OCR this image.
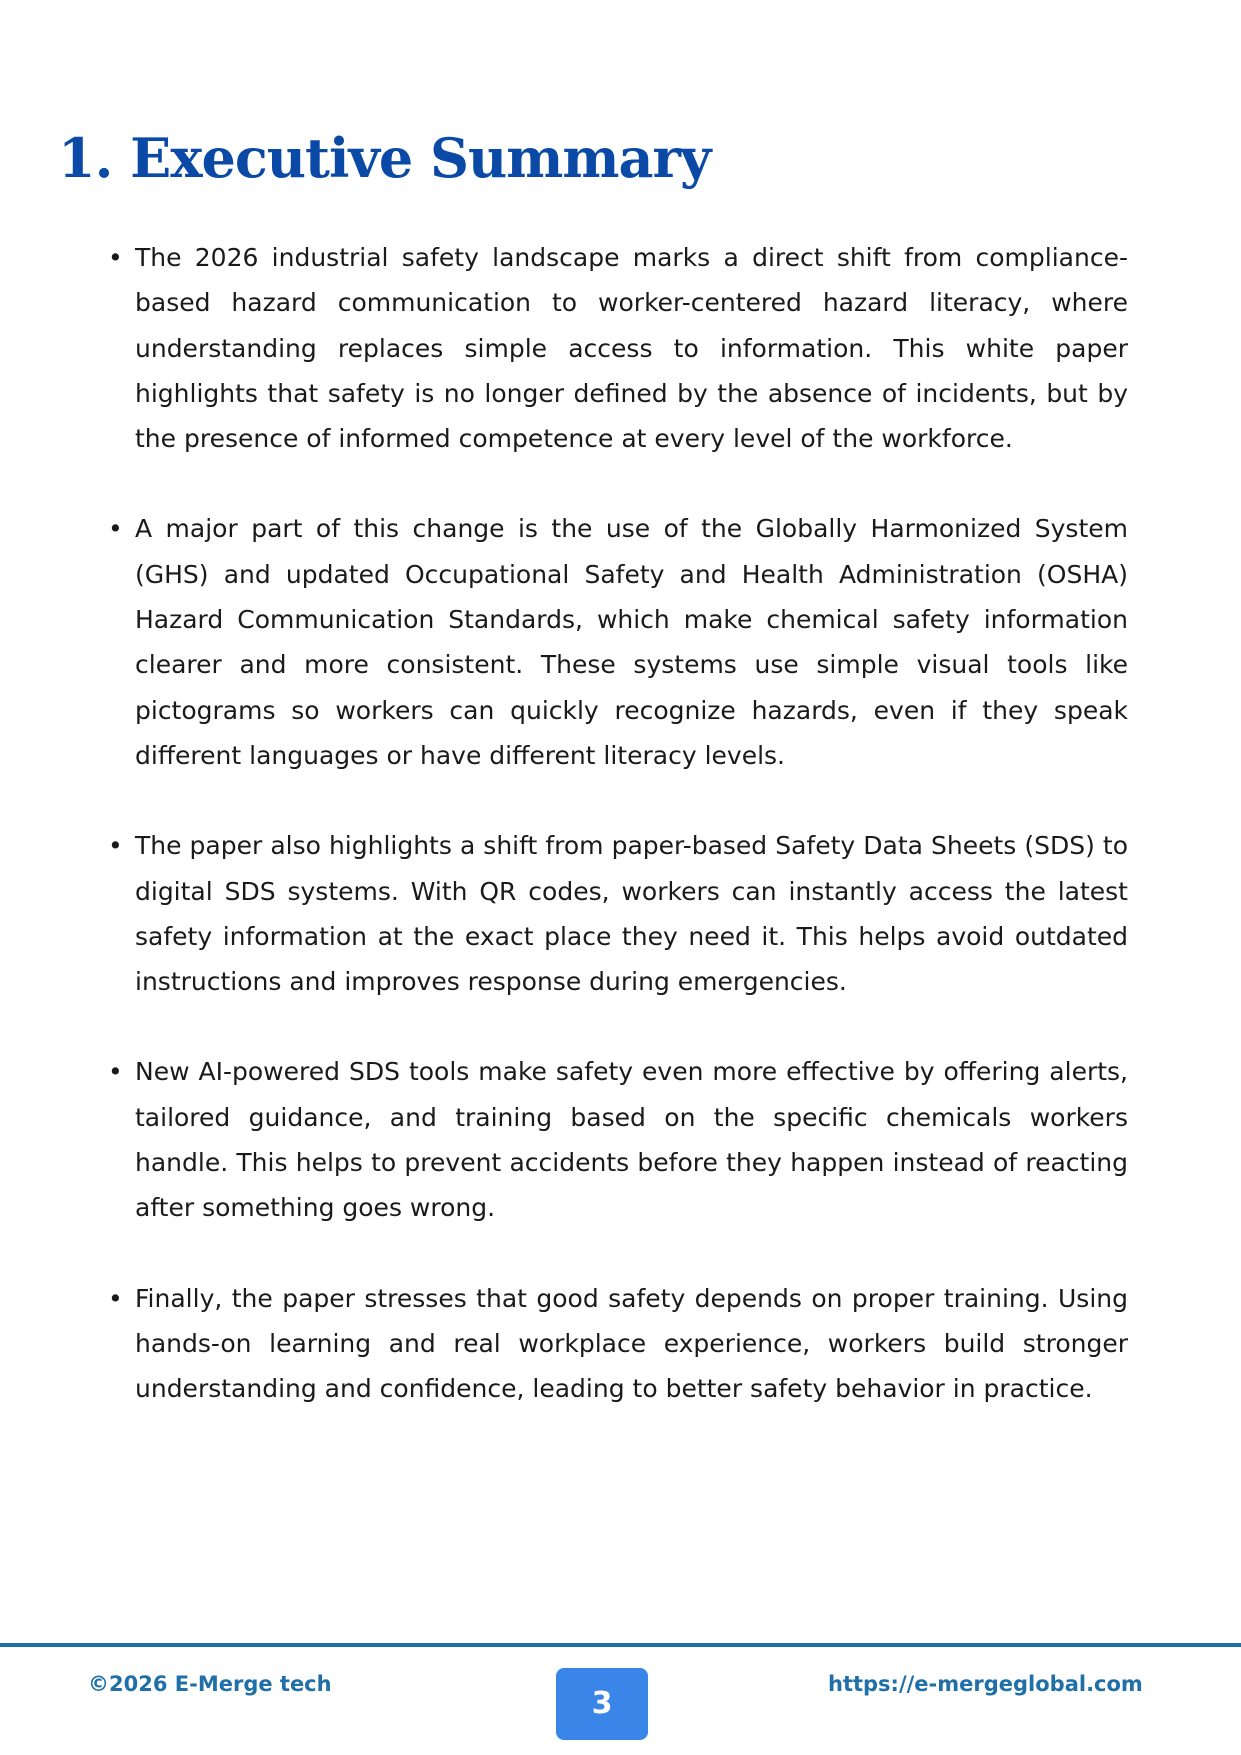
1. Executive Summary
• The 2026 industrial safety landscape marks a direct shift from compliance-based hazard communication to worker-centered hazard literacy, where understanding replaces simple access to information. This white paper highlights that safety is no longer defined by the absence of incidents, but by the presence of informed competence at every level of the workforce.
• A major part of this change is the use of the Globally Harmonized System (GHS) and updated Occupational Safety and Health Administration (OSHA) Hazard Communication Standards, which make chemical safety information clearer and more consistent. These systems use simple visual tools like pictograms so workers can quickly recognize hazards, even if they speak different languages or have different literacy levels.
• The paper also highlights a shift from paper-based Safety Data Sheets (SDS) to digital SDS systems. With QR codes, workers can instantly access the latest safety information at the exact place they need it. This helps avoid outdated instructions and improves response during emergencies.
• New AI-powered SDS tools make safety even more effective by offering alerts, tailored guidance, and training based on the specific chemicals workers handle. This helps to prevent accidents before they happen instead of reacting after something goes wrong.
• Finally, the paper stresses that good safety depends on proper training. Using hands-on learning and real workplace experience, workers build stronger understanding and confidence, leading to better safety behavior in practice.
©2026 E-Merge tech
3
https://e-mergeglobal.com
